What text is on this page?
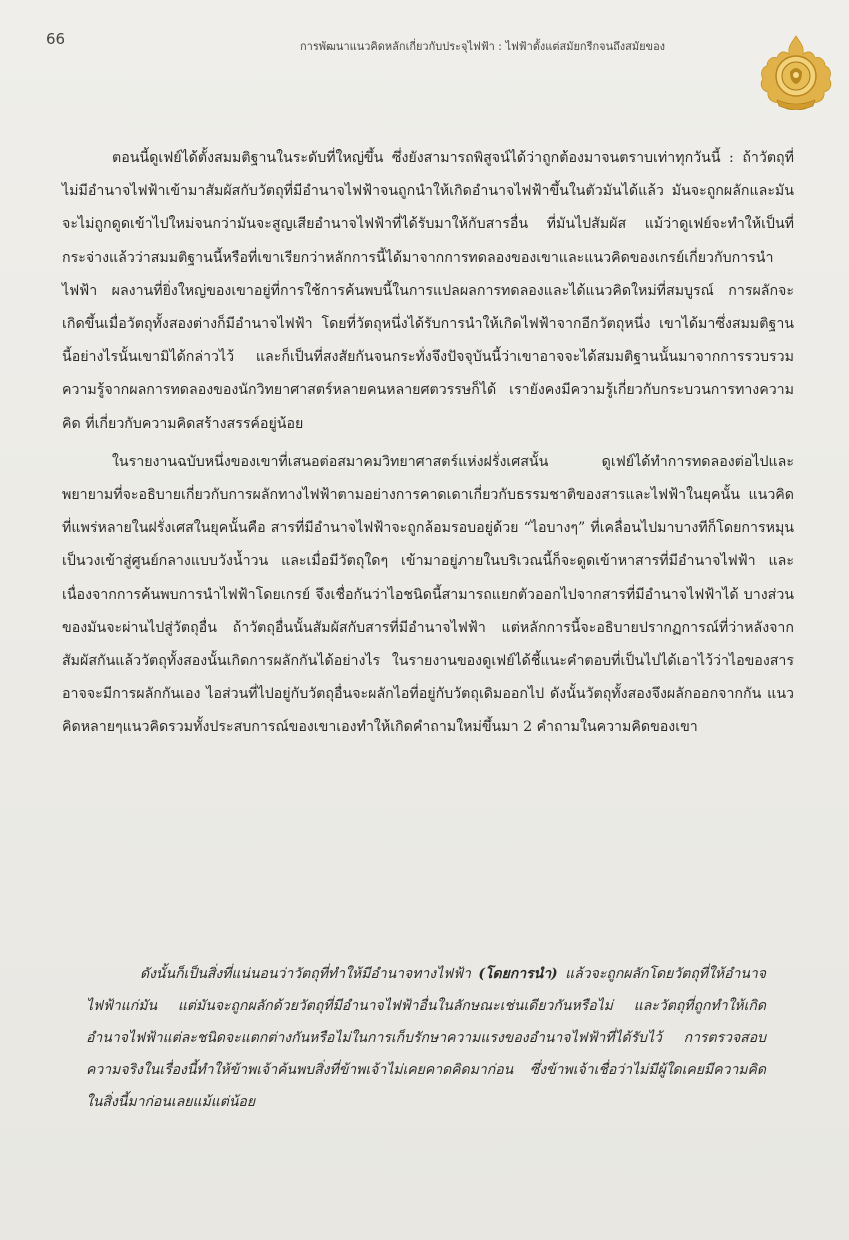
66	การพัฒนาแนวคิดหลักเกี่ยวกับประจุไฟฟ้า : ไฟฟ้าตั้งแต่สมัยกรีกจนถึงสมัยของ

ตอนนี้ดูเฟย์ได้ตั้งสมมติฐานในระดับที่ใหญ่ขึ้น ซึ่งยังสามารถพิสูจน์ได้ว่าถูกต้องมาจนตราบเท่าทุกวันนี้ : ถ้าวัตถุที่ไม่มีอำนาจไฟฟ้าเข้ามาสัมผัสกับวัตถุที่มีอำนาจไฟฟ้าจนถูกนำให้เกิดอำนาจไฟฟ้าขึ้นในตัวมันได้แล้ว มันจะถูกผลักและมันจะไม่ถูกดูดเข้าไปใหม่จนกว่ามันจะสูญเสียอำนาจไฟฟ้าที่ได้รับมาให้กับสารอื่น ที่มันไปสัมผัส แม้ว่าดูเฟย์จะทำให้เป็นที่กระจ่างแล้วว่าสมมติฐานนี้หรือที่เขาเรียกว่าหลักการนี้ได้มาจากการทดลองของเขาและแนวคิดของเกรย์เกี่ยวกับการนำไฟฟ้า ผลงานที่ยิ่งใหญ่ของเขาอยู่ที่การใช้การค้นพบนี้ในการแปลผลการทดลองและได้แนวคิดใหม่ที่สมบูรณ์ การผลักจะเกิดขึ้นเมื่อวัตถุทั้งสองต่างก็มีอำนาจไฟฟ้า โดยที่วัตถุหนึ่งได้รับการนำให้เกิดไฟฟ้าจากอีกวัตถุหนึ่ง เขาได้มาซึ่งสมมติฐานนี้อย่างไรนั้นเขามิได้กล่าวไว้ และก็เป็นที่สงสัยกันจนกระทั่งจึงปัจจุบันนี้ว่าเขาอาจจะได้สมมติฐานนั้นมาจากการรวบรวมความรู้จากผลการทดลองของนักวิทยาศาสตร์หลายคนหลายศตวรรษก็ได้ เรายังคงมีความรู้เกี่ยวกับกระบวนการทางความคิด ที่เกี่ยวกับความคิดสร้างสรรค์อยู่น้อย

ในรายงานฉบับหนึ่งของเขาที่เสนอต่อสมาคมวิทยาศาสตร์แห่งฝรั่งเศสนั้น ดูเฟย์ได้ทำการทดลองต่อไปและพยายามที่จะอธิบายเกี่ยวกับการผลักทางไฟฟ้าตามอย่างการคาดเดาเกี่ยวกับธรรมชาติของสารและไฟฟ้าในยุคนั้น แนวคิดที่แพร่หลายในฝรั่งเศสในยุคนั้นคือ สารที่มีอำนาจไฟฟ้าจะถูกล้อมรอบอยู่ด้วย “ไอบางๆ” ที่เคลื่อนไปมาบางทีก็โดยการหมุนเป็นวงเข้าสู่ศูนย์กลางแบบวังน้ำวน และเมื่อมีวัตถุใดๆ เข้ามาอยู่ภายในบริเวณนี้ก็จะดูดเข้าหาสารที่มีอำนาจไฟฟ้า และเนื่องจากการค้นพบการนำไฟฟ้าโดยเกรย์ จึงเชื่อกันว่าไอชนิดนี้สามารถแยกตัวออกไปจากสารที่มีอำนาจไฟฟ้าได้ บางส่วนของมันจะผ่านไปสู่วัตถุอื่น ถ้าวัตถุอื่นนั้นสัมผัสกับสารที่มีอำนาจไฟฟ้า แต่หลักการนี้จะอธิบายปรากฏการณ์ที่ว่าหลังจากสัมผัสกันแล้ววัตถุทั้งสองนั้นเกิดการผลักกันได้อย่างไร ในรายงานของดูเฟย์ได้ชี้แนะคำตอบที่เป็นไปได้เอาไว้ว่าไอของสารอาจจะมีการผลักกันเอง ไอส่วนที่ไปอยู่กับวัตถุอื่นจะผลักไอที่อยู่กับวัตถุเดิมออกไป ดังนั้นวัตถุทั้งสองจึงผลักออกจากกัน แนวคิดหลายๆแนวคิดรวมทั้งประสบการณ์ของเขาเองทำให้เกิดคำถามใหม่ขึ้นมา 2 คำถามในความคิดของเขา

ดังนั้นก็เป็นสิ่งที่แน่นอนว่าวัตถุที่ทำให้มีอำนาจทางไฟฟ้า (โดยการนำ) แล้วจะถูกผลักโดยวัตถุที่ให้อำนาจไฟฟ้าแก่มัน แต่มันจะถูกผลักด้วยวัตถุที่มีอำนาจไฟฟ้าอื่นในลักษณะเช่นเดียวกันหรือไม่ และวัตถุที่ถูกทำให้เกิดอำนาจไฟฟ้าแต่ละชนิดจะแตกต่างกันหรือไม่ในการเก็บรักษาความแรงของอำนาจไฟฟ้าที่ได้รับไว้ การตรวจสอบความจริงในเรื่องนี้ทำให้ข้าพเจ้าค้นพบสิ่งที่ข้าพเจ้าไม่เคยคาดคิดมาก่อน ซึ่งข้าพเจ้าเชื่อว่าไม่มีผู้ใดเคยมีความคิดในสิ่งนี้มาก่อนเลยแม้แต่น้อย
